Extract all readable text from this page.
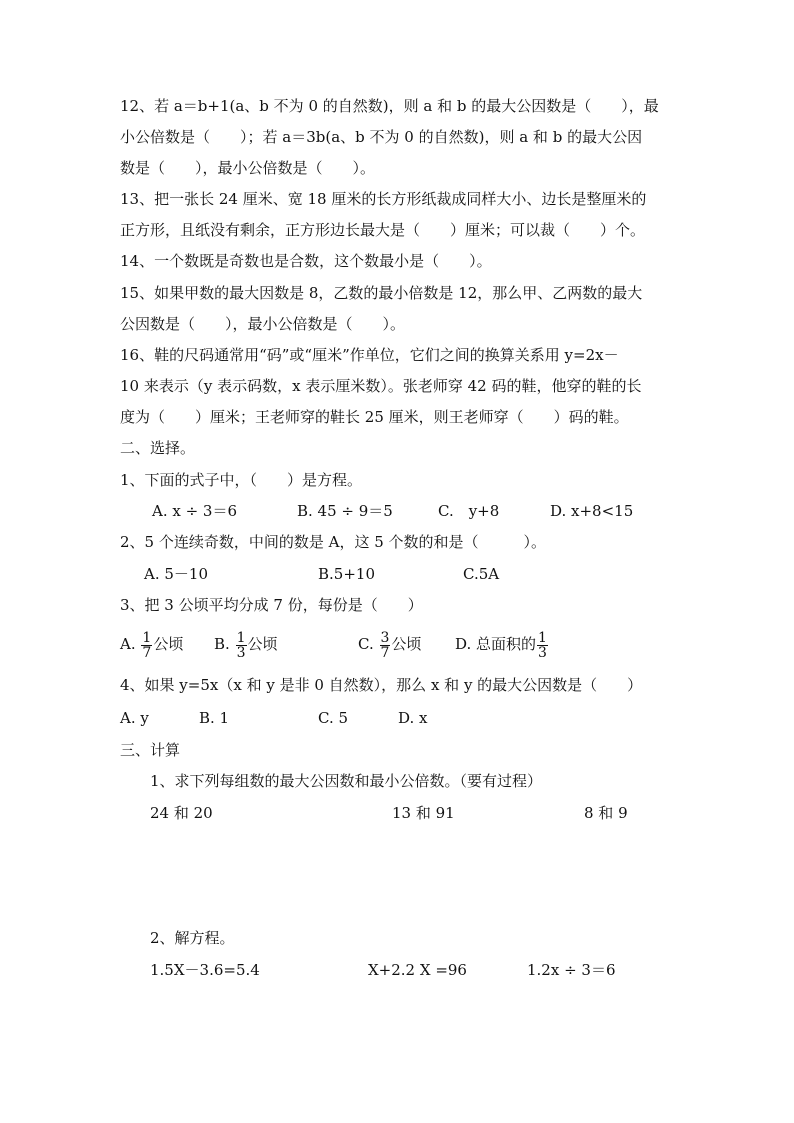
12、若 a＝b+1(a、b 不为 0 的自然数)，则 a 和 b 的最大公因数是（　　），最
小公倍数是（　　）；若 a＝3b(a、b 不为 0 的自然数)，则 a 和 b 的最大公因
数是（　　），最小公倍数是（　　）。
13、把一张长 24 厘米、宽 18 厘米的长方形纸裁成同样大小、边长是整厘米的
正方形，且纸没有剩余，正方形边长最大是（　　）厘米；可以裁（　　）个。
14、一个数既是奇数也是合数，这个数最小是（　　）。
15、如果甲数的最大因数是 8，乙数的最小倍数是 12，那么甲、乙两数的最大
公因数是（　　），最小公倍数是（　　）。
16、鞋的尺码通常用“码”或“厘米”作单位，它们之间的换算关系用 y=2x－
10 来表示（y 表示码数，x 表示厘米数）。张老师穿 42 码的鞋，他穿的鞋的长
度为（　　）厘米；王老师穿的鞋长 25 厘米，则王老师穿（　　）码的鞋。
二、选择。
1、下面的式子中，（　　）是方程。
A. x ÷ 3＝6	B. 45 ÷ 9＝5	C.　y+8	D. x+8<15
2、5 个连续奇数，中间的数是 A，这 5 个数的和是（　　　）。
A. 5－10	B.5+10	C.5A
3、把 3 公顷平均分成 7 份，每份是（　　）
A. $\frac{1}{7}$ 公顷 B. $\frac{1}{3}$ 公顷	C. $\frac{3}{7}$ 公顷 D. 总面积的 $\frac{1}{3}$
4、如果 y=5x（x 和 y 是非 0 自然数），那么 x 和 y 的最大公因数是（　　）
A. y	B. 1	C. 5	D. x
三、计算
1、求下列每组数的最大公因数和最小公倍数。（要有过程）
24 和 20	13 和 91	8 和 9
2、解方程。
1.5X－3.6=5.4	X+2.2 X =96	1.2x ÷ 3＝6
